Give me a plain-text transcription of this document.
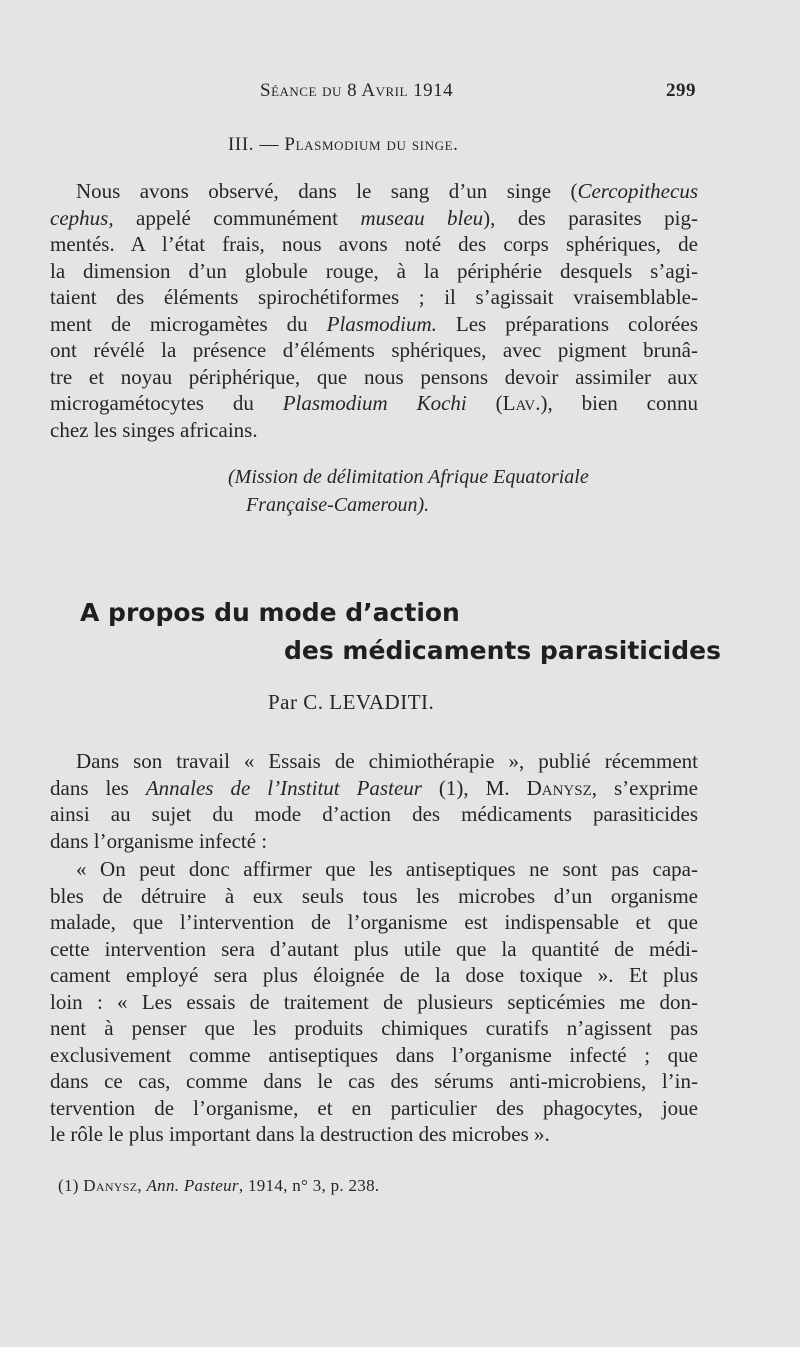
Séance du 8 Avril 1914	299
III. — Plasmodium du singe.
Nous avons observé, dans le sang d’un singe (Cercopithecus
cephus, appelé communément museau bleu), des parasites pig-
mentés. A l’état frais, nous avons noté des corps sphériques, de
la dimension d’un globule rouge, à la périphérie desquels s’agi-
taient des éléments spirochétiformes ; il s’agissait vraisemblable-
ment de microgamètes du Plasmodium. Les préparations colorées
ont révélé la présence d’éléments sphériques, avec pigment brunâ-
tre et noyau périphérique, que nous pensons devoir assimiler aux
microgamétocytes du Plasmodium Kochi (Lav.), bien connu
chez les singes africains.
(Mission de délimitation Afrique Equatoriale
Française-Cameroun).
A propos du mode d’action
des médicaments parasiticides
Par C. LEVADITI.
Dans son travail « Essais de chimiothérapie », publié récemment
dans les Annales de l’Institut Pasteur (1), M. Danysz, s’exprime
ainsi au sujet du mode d’action des médicaments parasiticides
dans l’organisme infecté :
« On peut donc affirmer que les antiseptiques ne sont pas capa-
bles de détruire à eux seuls tous les microbes d’un organisme
malade, que l’intervention de l’organisme est indispensable et que
cette intervention sera d’autant plus utile que la quantité de médi-
cament employé sera plus éloignée de la dose toxique ». Et plus
loin : « Les essais de traitement de plusieurs septicémies me don-
nent à penser que les produits chimiques curatifs n’agissent pas
exclusivement comme antiseptiques dans l’organisme infecté ; que
dans ce cas, comme dans le cas des sérums anti-microbiens, l’in-
tervention de l’organisme, et en particulier des phagocytes, joue
le rôle le plus important dans la destruction des microbes ».
(1) Danysz, Ann. Pasteur, 1914, n° 3, p. 238.
